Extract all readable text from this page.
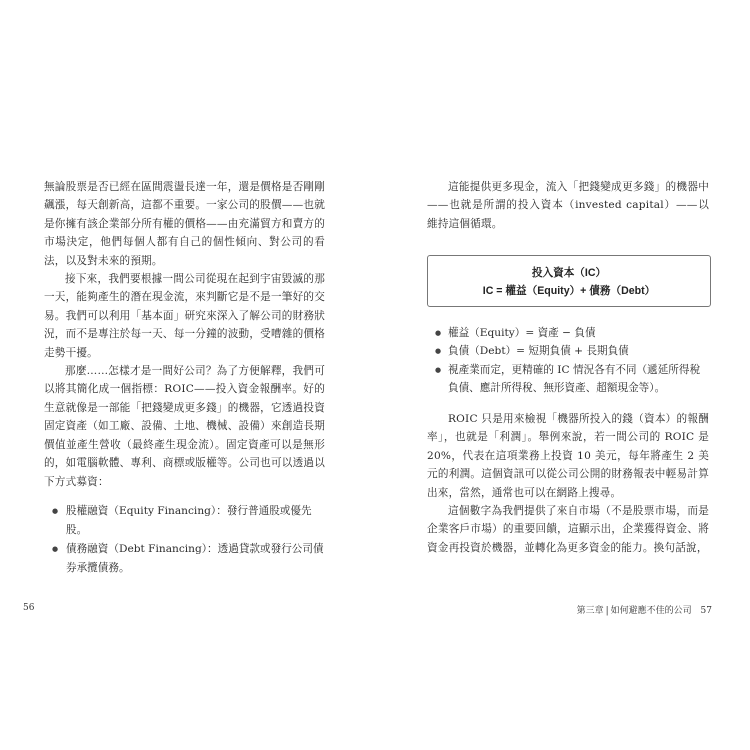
無論股票是否已經在區間震盪長達一年，還是價格是否剛剛飆漲，每天創新高，這都不重要。一家公司的股價——也就是你擁有該企業部分所有權的價格——由充滿貿方和賣方的市場決定，他們每個人都有自己的個性傾向、對公司的看法，以及對未來的預期。

接下來，我們要根據一間公司從現在起到宇宙毀滅的那一天，能夠產生的潛在現金流，來判斷它是不是一筆好的交易。我們可以利用「基本面」研究來深入了解公司的財務狀況，而不是專注於每一天、每一分鐘的波動，受嘈雜的價格走勢干擾。

那麼……怎樣才是一間好公司？為了方便解釋，我們可以將其簡化成一個指標：ROIC——投入資金報酬率。好的生意就像是一部能「把錢變成更多錢」的機器，它透過投資固定資產（如工廠、設備、土地、機械、設備）來創造長期價值並產生營收（最終產生現金流）。固定資產可以是無形的，如電腦軟體、專利、商標或版權等。公司也可以透過以下方式募資：

● 股權融資（Equity Financing）：發行普通股或優先股。
● 債務融資（Debt Financing）：透過貸款或發行公司債券承攬債務。
56

這能提供更多現金，流入「把錢變成更多錢」的機器中——也就是所謂的投入資本（invested capital）——以維持這個循環。

投入資本（IC）
IC = 權益（Equity）+ 債務（Debt）
● 權益（Equity）= 資產 − 負債
● 負債（Debt）= 短期負債 + 長期負債
● 視產業而定，更精確的 IC 情況各有不同（遞延所得稅負債、應計所得稅、無形資產、超額現金等）。

ROIC 只是用來檢視「機器所投入的錢（資本）的報酬率」，也就是「利潤」。舉例來說，若一間公司的 ROIC 是 20%，代表在這項業務上投資 10 美元，每年將產生 2 美元的利潤。這個資訊可以從公司公開的財務報表中輕易計算出來，當然，通常也可以在網路上搜尋。

這個數字為我們提供了來自市場（不是股票市場，而是企業客戶市場）的重要回饋，這顯示出，企業獲得資金、將資金再投資於機器，並轉化為更多資金的能力。換句話說，

第三章 | 如何避應不佳的公司 57
